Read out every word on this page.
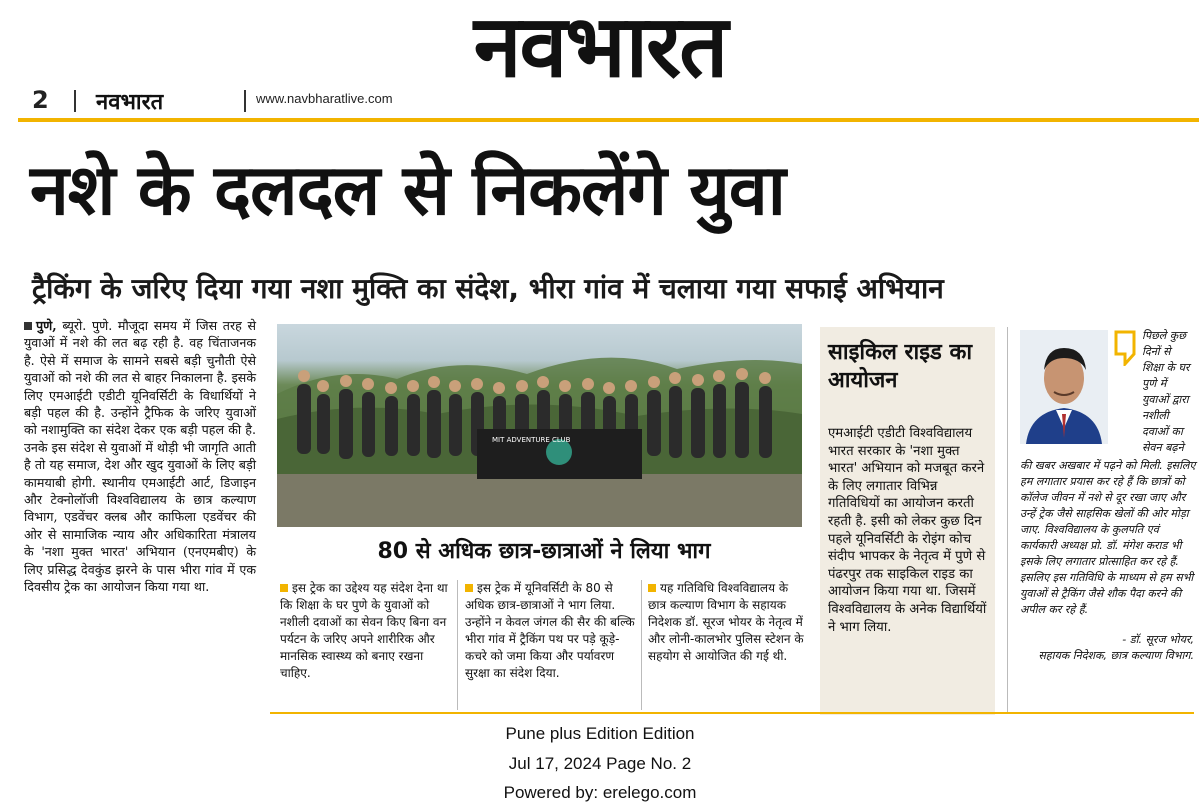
नवभारत
2 नवभारत	www.navbharatlive.com
नशे के दलदल से निकलेंगे युवा
ट्रैकिंग के जरिए दिया गया नशा मुक्ति का संदेश, भीरा गांव में चलाया गया सफाई अभियान
पुणे, ब्यूरो. पुणे. मौजूदा समय में जिस तरह से युवाओं में नशे की लत बढ़ रही है. वह चिंताजनक है. ऐसे में समाज के सामने सबसे बड़ी चुनौती ऐसे युवाओं को नशे की लत से बाहर निकालना है. इसके लिए एमआईटी एडीटी यूनिवर्सिटी के विधार्थियों ने बड़ी पहल की है. उन्होंने ट्रैफिक के जरिए युवाओं को नशामुक्ति का संदेश देकर एक बड़ी पहल की है. उनके इस संदेश से युवाओं में थोड़ी भी जागृति आती है तो यह समाज, देश और खुद युवाओं के लिए बड़ी कामयाबी होगी. स्थानीय एमआईटी आर्ट, डिजाइन और टेक्नोलॉजी विश्वविद्यालय के छात्र कल्याण विभाग, एडवेंचर क्लब और काफिला एडवेंचर की ओर से सामाजिक न्याय और अधिकारिता मंत्रालय के 'नशा मुक्त भारत' अभियान (एनएमबीए) के लिए प्रसिद्ध देवकुंड झरने के पास भीरा गांव में एक दिवसीय ट्रेक का आयोजन किया गया था.
MIT ADVENTURE CLUB
80 से अधिक छात्र-छात्राओं ने लिया भाग
इस ट्रेक का उद्देश्य यह संदेश देना था कि शिक्षा के घर पुणे के युवाओं को नशीली दवाओं का सेवन किए बिना वन पर्यटन के जरिए अपने शारीरिक और मानसिक स्वास्थ्य को बनाए रखना चाहिए.
इस ट्रेक में यूनिवर्सिटी के 80 से अधिक छात्र-छात्राओं ने भाग लिया. उन्होंने न केवल जंगल की सैर की बल्कि भीरा गांव में ट्रैकिंग पथ पर पड़े कूड़े-कचरे को जमा किया और पर्यावरण सुरक्षा का संदेश दिया.
यह गतिविधि विश्वविद्यालय के छात्र कल्याण विभाग के सहायक निदेशक डॉ. सूरज भोयर के नेतृत्व में और लोनी-कालभोर पुलिस स्टेशन के सहयोग से आयोजित की गई थी.
साइकिल राइड का आयोजन
एमआईटी एडीटी विश्वविद्यालय भारत सरकार के 'नशा मुक्त भारत' अभियान को मजबूत करने के लिए लगातार विभिन्न गतिविधियों का आयोजन करती रहती है. इसी को लेकर कुछ दिन पहले यूनिवर्सिटी के रोइंग कोच संदीप भापकर के नेतृत्व में पुणे से पंढरपुर तक साइकिल राइड का आयोजन किया गया था. जिसमें विश्वविद्यालय के अनेक विद्यार्थियों ने भाग लिया.
पिछले कुछ दिनों से शिक्षा के घर पुणे में युवाओं द्वारा नशीली दवाओं का सेवन बढ़ने
की खबर अखबार में पढ़ने को मिली. इसलिए हम लगातार प्रयास कर रहे हैं कि छात्रों को कॉलेज जीवन में नशे से दूर रखा जाए और उन्हें ट्रेक जैसे साहसिक खेलों की ओर मोड़ा जाए. विश्वविद्यालय के कुलपति एवं कार्यकारी अध्यक्ष प्रो. डॉ. मंगेश कराड भी इसके लिए लगातार प्रोत्साहित कर रहे हैं. इसलिए इस गतिविधि के माध्यम से हम सभी युवाओं से ट्रैकिंग जैसे शौक पैदा करने की अपील कर रहे हैं.
- डॉ. सूरज भोयर,
सहायक निदेशक, छात्र कल्याण विभाग.
Pune plus Edition Edition
Jul 17, 2024 Page No. 2
Powered by: erelego.com
